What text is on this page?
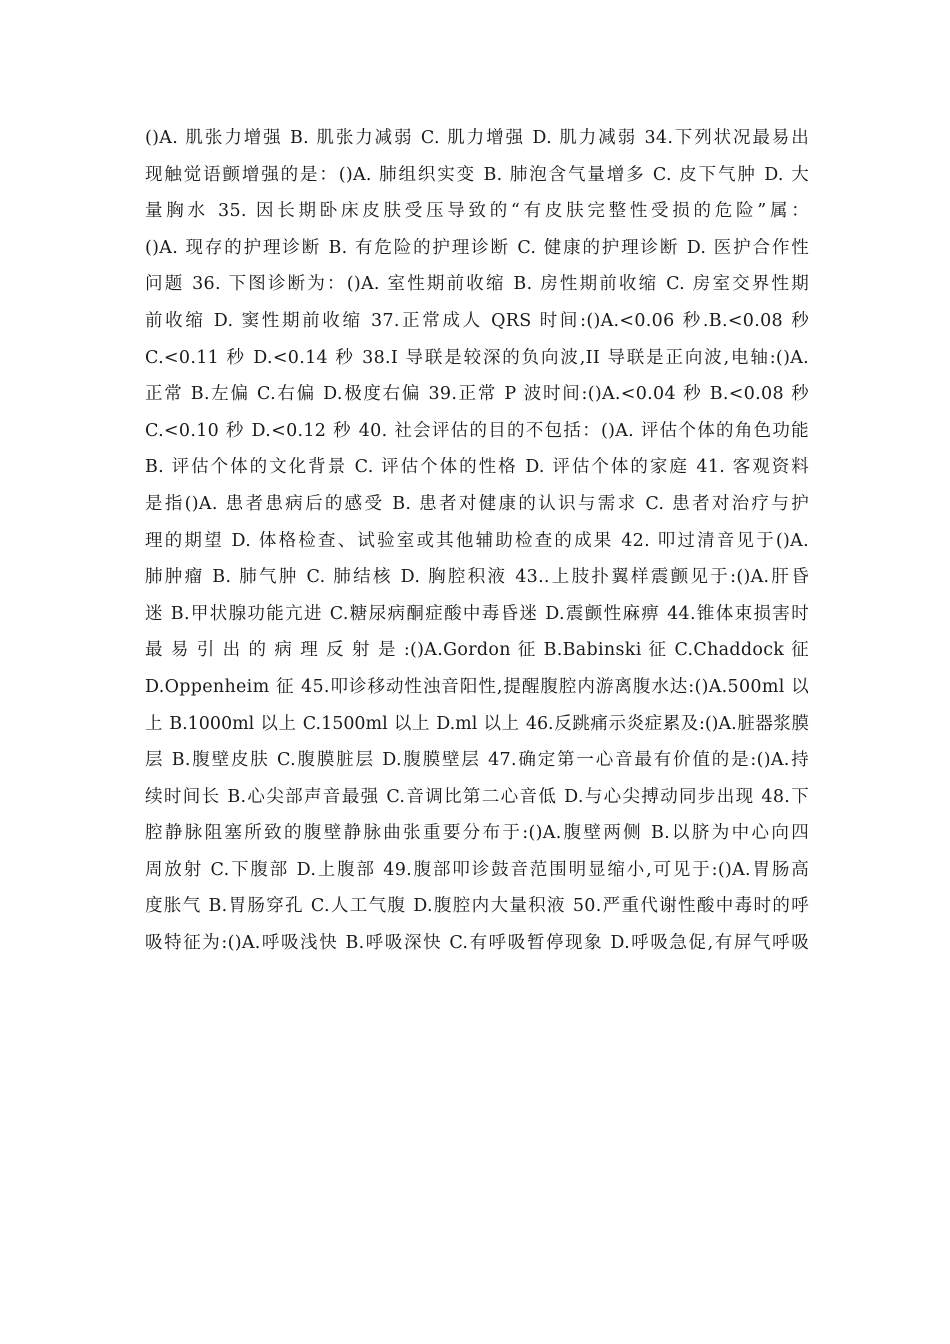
()A. 肌张力增强 B. 肌张力减弱 C. 肌力增强 D. 肌力减弱 34.下列状况最易出
现触觉语颤增强的是：()A. 肺组织实变 B. 肺泡含气量增多 C. 皮下气肿 D. 大
量胸水 35. 因长期卧床皮肤受压导致的“有皮肤完整性受损的危险”属：
()A. 现存的护理诊断 B. 有危险的护理诊断 C. 健康的护理诊断 D. 医护合作性
问题 36. 下图诊断为：()A. 室性期前收缩 B. 房性期前收缩 C. 房室交界性期
前收缩 D. 窦性期前收缩 37.正常成人 QRS 时间:()A.<0.06 秒.B.<0.08 秒
C.<0.11 秒 D.<0.14 秒 38.I 导联是较深的负向波,II 导联是正向波,电轴:()A.
正常 B.左偏 C.右偏 D.极度右偏 39.正常 P 波时间:()A.<0.04 秒 B.<0.08 秒
C.<0.10 秒 D.<0.12 秒 40. 社会评估的目的不包括：()A. 评估个体的角色功能
B. 评估个体的文化背景 C. 评估个体的性格 D. 评估个体的家庭 41. 客观资料
是指()A. 患者患病后的感受 B. 患者对健康的认识与需求 C. 患者对治疗与护
理的期望 D. 体格检查、试验室或其他辅助检查的成果 42. 叩过清音见于()A.
肺肿瘤 B. 肺气肿 C. 肺结核 D. 胸腔积液 43..上肢扑翼样震颤见于:()A.肝昏
迷 B.甲状腺功能亢进 C.糖尿病酮症酸中毒昏迷 D.震颤性麻痹 44.锥体束损害时
最 易 引 出 的 病 理 反 射 是 :()A.Gordon 征 B.Babinski 征 C.Chaddock 征
D.Oppenheim 征 45.叩诊移动性浊音阳性,提醒腹腔内游离腹水达:()A.500ml 以
上 B.1000ml 以上 C.1500ml 以上 D.ml 以上 46.反跳痛示炎症累及:()A.脏器浆膜
层 B.腹壁皮肤 C.腹膜脏层 D.腹膜壁层 47.确定第一心音最有价值的是:()A.持
续时间长 B.心尖部声音最强 C.音调比第二心音低 D.与心尖搏动同步出现 48.下
腔静脉阻塞所致的腹壁静脉曲张重要分布于:()A.腹壁两侧 B.以脐为中心向四
周放射 C.下腹部 D.上腹部 49.腹部叩诊鼓音范围明显缩小,可见于:()A.胃肠高
度胀气 B.胃肠穿孔 C.人工气腹 D.腹腔内大量积液 50.严重代谢性酸中毒时的呼
吸特征为:()A.呼吸浅快 B.呼吸深快 C.有呼吸暂停现象 D.呼吸急促,有屏气呼吸
